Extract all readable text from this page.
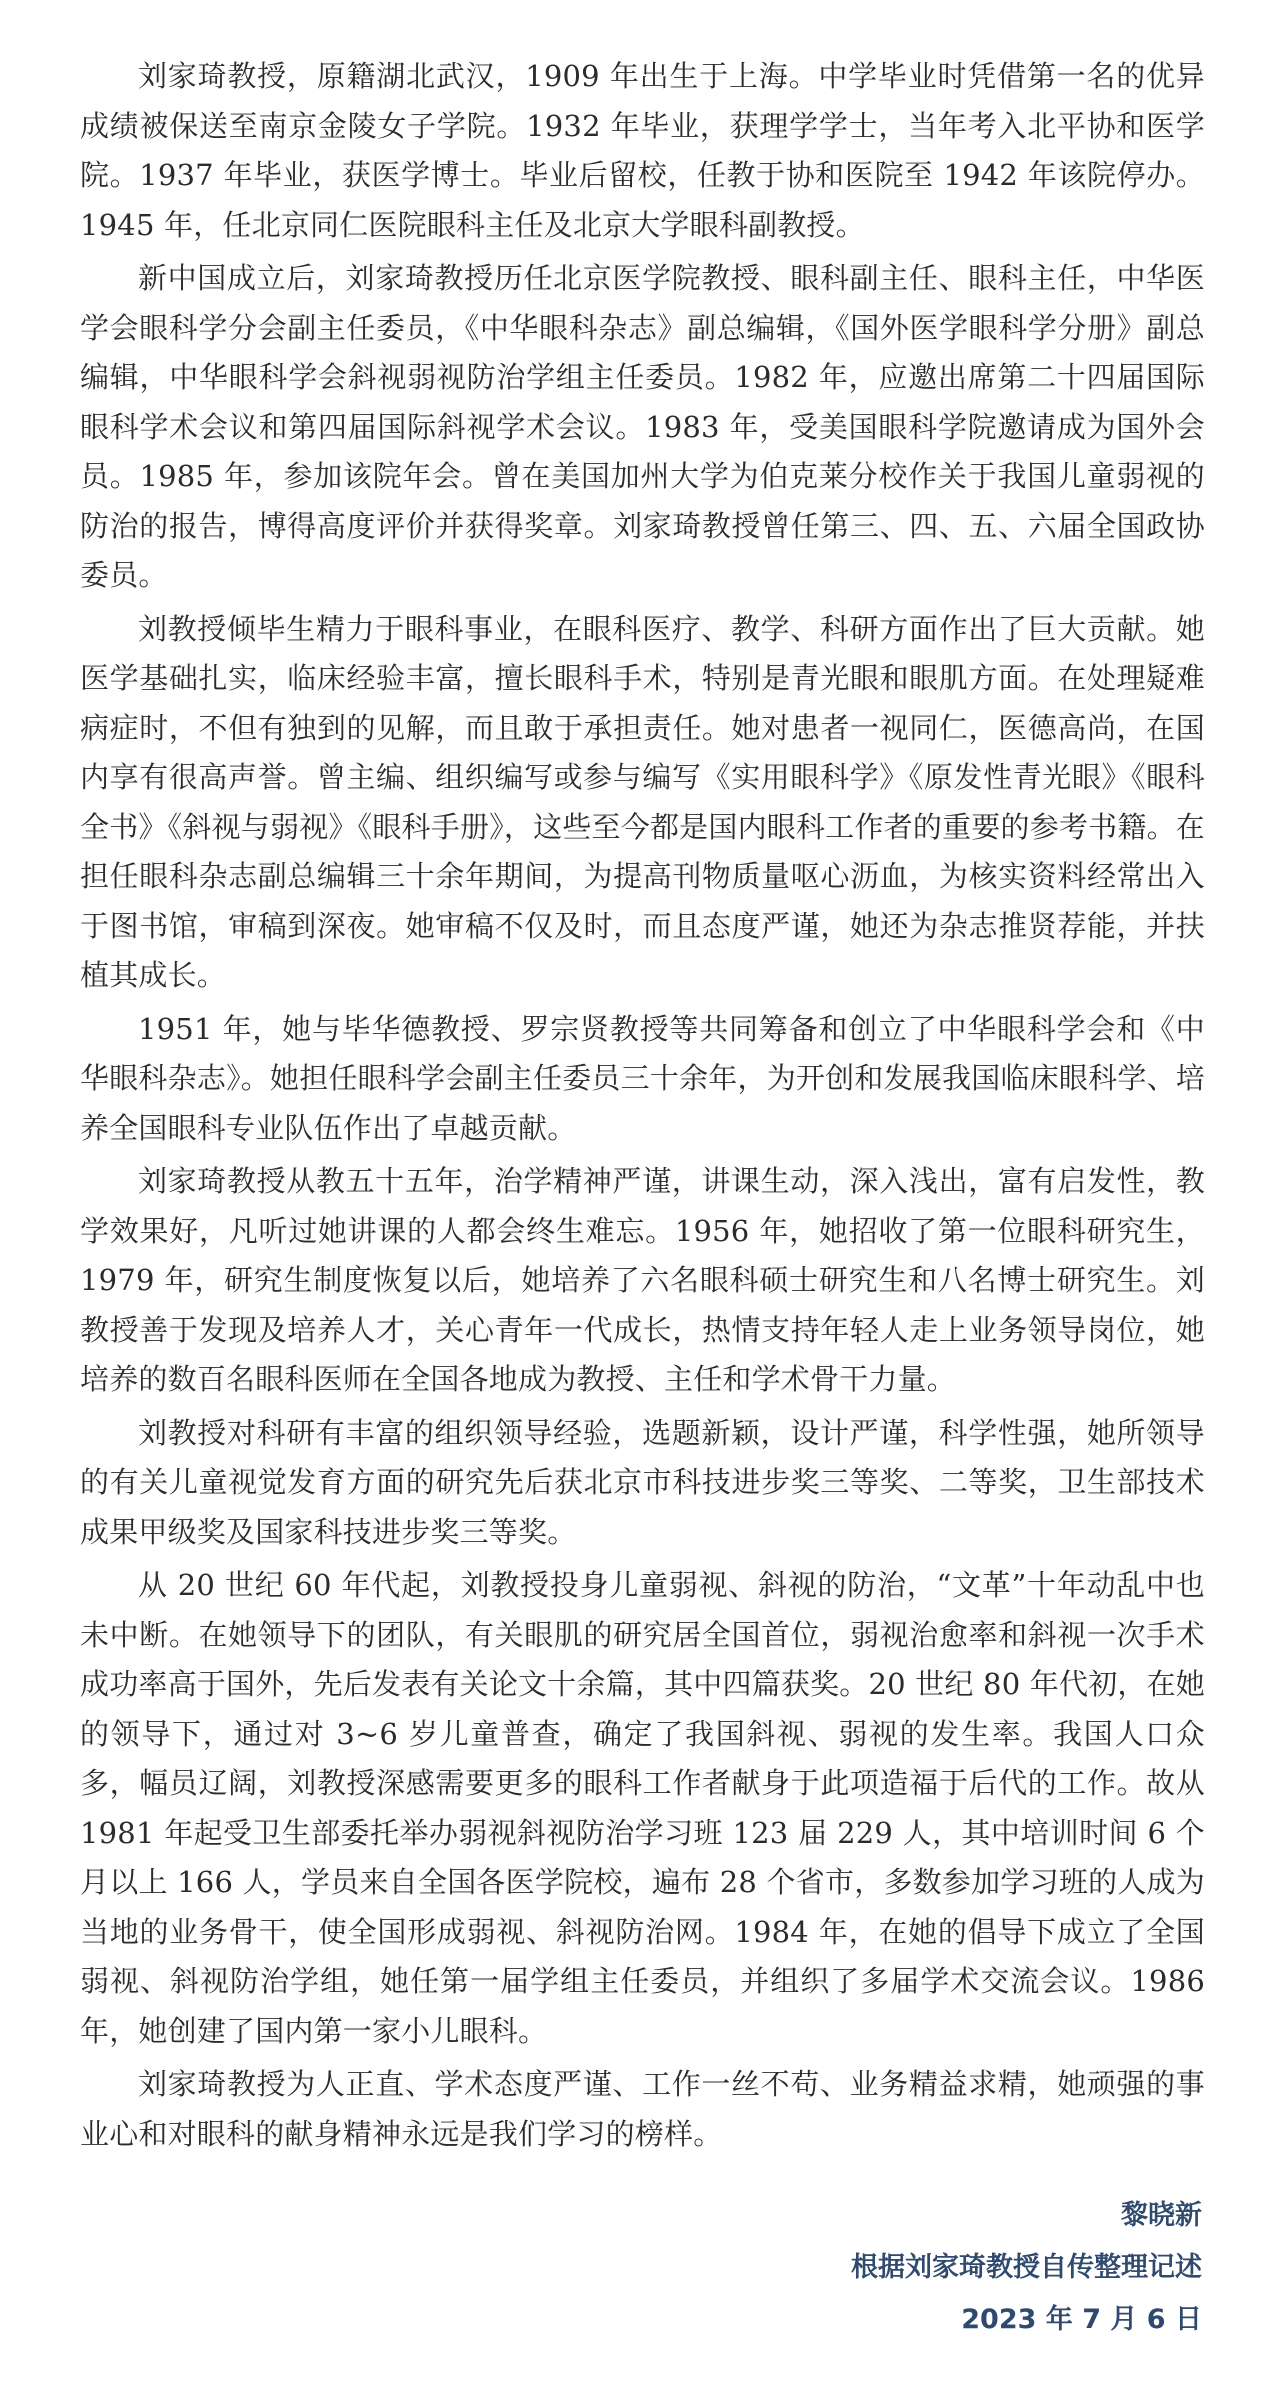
刘家琦教授，原籍湖北武汉，1909 年出生于上海。中学毕业时凭借第一名的优异成绩被保送至南京金陵女子学院。1932 年毕业，获理学学士，当年考入北平协和医学院。1937 年毕业，获医学博士。毕业后留校，任教于协和医院至 1942 年该院停办。1945 年，任北京同仁医院眼科主任及北京大学眼科副教授。

新中国成立后，刘家琦教授历任北京医学院教授、眼科副主任、眼科主任，中华医学会眼科学分会副主任委员，《中华眼科杂志》副总编辑，《国外医学眼科学分册》副总编辑，中华眼科学会斜视弱视防治学组主任委员。1982 年，应邀出席第二十四届国际眼科学术会议和第四届国际斜视学术会议。1983 年，受美国眼科学院邀请成为国外会员。1985 年，参加该院年会。曾在美国加州大学为伯克莱分校作关于我国儿童弱视的防治的报告，博得高度评价并获得奖章。刘家琦教授曾任第三、四、五、六届全国政协委员。

刘教授倾毕生精力于眼科事业，在眼科医疗、教学、科研方面作出了巨大贡献。她医学基础扎实，临床经验丰富，擅长眼科手术，特别是青光眼和眼肌方面。在处理疑难病症时，不但有独到的见解，而且敢于承担责任。她对患者一视同仁，医德高尚，在国内享有很高声誉。曾主编、组织编写或参与编写《实用眼科学》《原发性青光眼》《眼科全书》《斜视与弱视》《眼科手册》，这些至今都是国内眼科工作者的重要的参考书籍。在担任眼科杂志副总编辑三十余年期间，为提高刊物质量呕心沥血，为核实资料经常出入于图书馆，审稿到深夜。她审稿不仅及时，而且态度严谨，她还为杂志推贤荐能，并扶植其成长。

1951 年，她与毕华德教授、罗宗贤教授等共同筹备和创立了中华眼科学会和《中华眼科杂志》。她担任眼科学会副主任委员三十余年，为开创和发展我国临床眼科学、培养全国眼科专业队伍作出了卓越贡献。

刘家琦教授从教五十五年，治学精神严谨，讲课生动，深入浅出，富有启发性，教学效果好，凡听过她讲课的人都会终生难忘。1956 年，她招收了第一位眼科研究生，1979 年，研究生制度恢复以后，她培养了六名眼科硕士研究生和八名博士研究生。刘教授善于发现及培养人才，关心青年一代成长，热情支持年轻人走上业务领导岗位，她培养的数百名眼科医师在全国各地成为教授、主任和学术骨干力量。

刘教授对科研有丰富的组织领导经验，选题新颖，设计严谨，科学性强，她所领导的有关儿童视觉发育方面的研究先后获北京市科技进步奖三等奖、二等奖，卫生部技术成果甲级奖及国家科技进步奖三等奖。

从 20 世纪 60 年代起，刘教授投身儿童弱视、斜视的防治，“文革”十年动乱中也未中断。在她领导下的团队，有关眼肌的研究居全国首位，弱视治愈率和斜视一次手术成功率高于国外，先后发表有关论文十余篇，其中四篇获奖。20 世纪 80 年代初，在她的领导下，通过对 3~6 岁儿童普查，确定了我国斜视、弱视的发生率。我国人口众多，幅员辽阔，刘教授深感需要更多的眼科工作者献身于此项造福于后代的工作。故从 1981 年起受卫生部委托举办弱视斜视防治学习班 123 届 229 人，其中培训时间 6 个月以上 166 人，学员来自全国各医学院校，遍布 28 个省市，多数参加学习班的人成为当地的业务骨干，使全国形成弱视、斜视防治网。1984 年，在她的倡导下成立了全国弱视、斜视防治学组，她任第一届学组主任委员，并组织了多届学术交流会议。1986 年，她创建了国内第一家小儿眼科。

刘家琦教授为人正直、学术态度严谨、工作一丝不苟、业务精益求精，她顽强的事业心和对眼科的献身精神永远是我们学习的榜样。

黎晓新
根据刘家琦教授自传整理记述
2023 年 7 月 6 日
